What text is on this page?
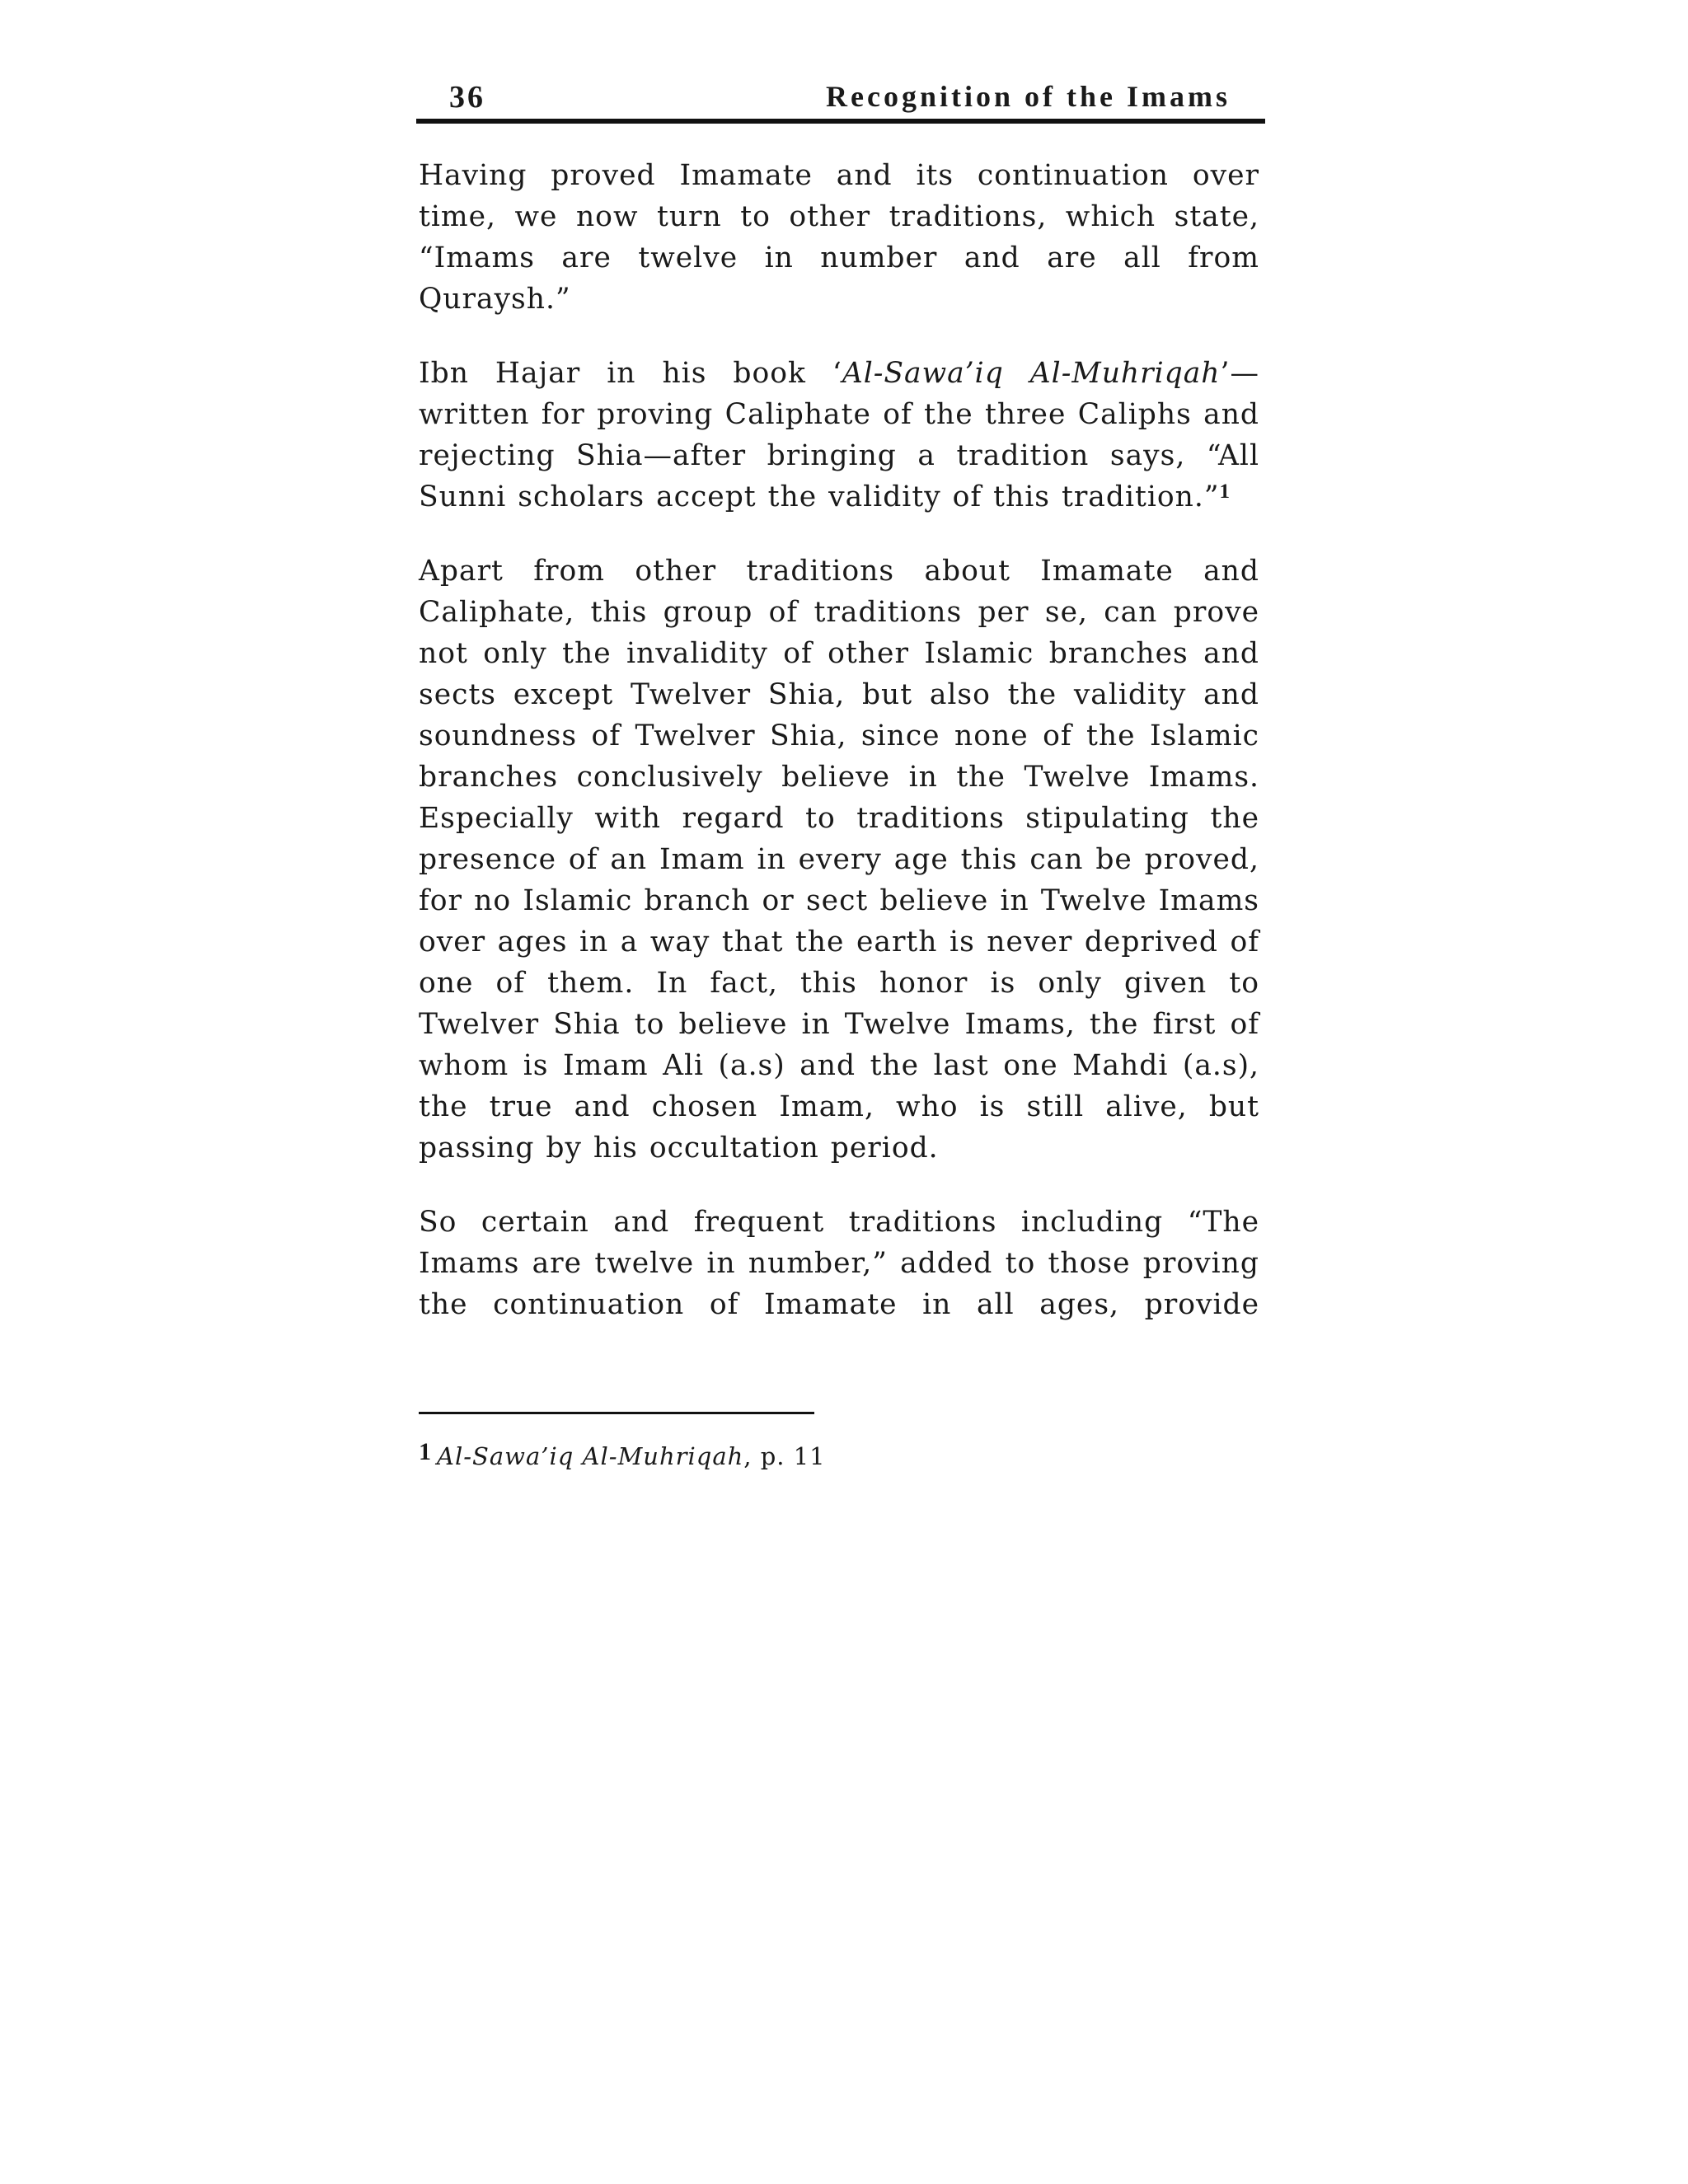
36	Recognition of the Imams

Having proved Imamate and its continuation over time, we now turn to other traditions, which state, “Imams are twelve in number and are all from Quraysh.”

Ibn Hajar in his book ‘Al-Sawa’iq Al-Muhriqah’—written for proving Caliphate of the three Caliphs and rejecting Shia—after bringing a tradition says, “All Sunni scholars accept the validity of this tradition.”$^1$

Apart from other traditions about Imamate and Caliphate, this group of traditions per se, can prove not only the invalidity of other Islamic branches and sects except Twelver Shia, but also the validity and soundness of Twelver Shia, since none of the Islamic branches conclusively believe in the Twelve Imams. Especially with regard to traditions stipulating the presence of an Imam in every age this can be proved, for no Islamic branch or sect believe in Twelve Imams over ages in a way that the earth is never deprived of one of them. In fact, this honor is only given to Twelver Shia to believe in Twelve Imams, the first of whom is Imam Ali (a.s) and the last one Mahdi (a.s), the true and chosen Imam, who is still alive, but passing by his occultation period.

So certain and frequent traditions including “The Imams are twelve in number,” added to those proving the continuation of Imamate in all ages, provide

1 Al-Sawa’iq Al-Muhriqah, p. 11
